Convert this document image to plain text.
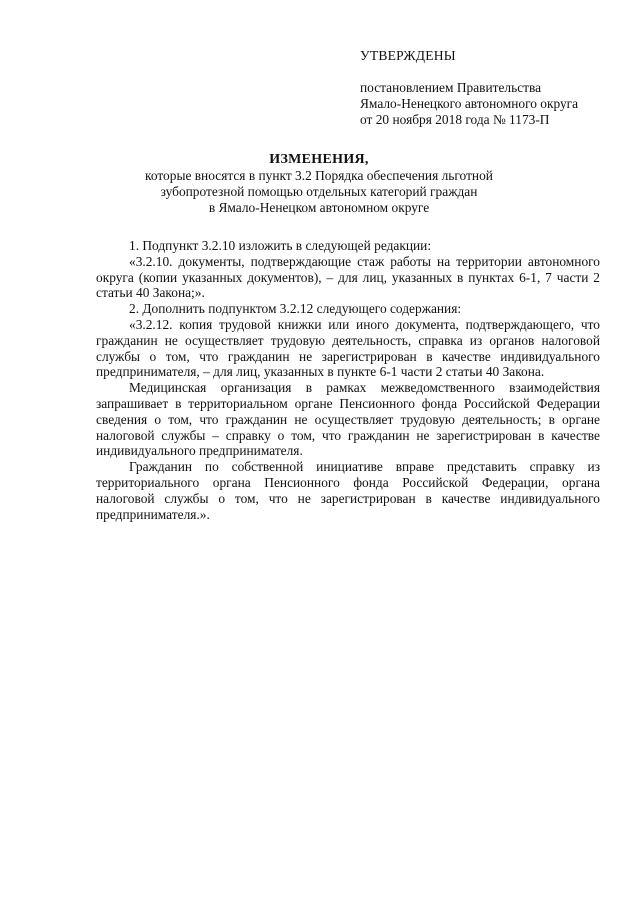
УТВЕРЖДЕНЫ
постановлением Правительства
Ямало-Ненецкого автономного округа
от 20 ноября 2018 года № 1173-П
ИЗМЕНЕНИЯ,
которые вносятся в пункт 3.2 Порядка обеспечения льготной
зубопротезной помощью отдельных категорий граждан
в Ямало-Ненецком автономном округе

1. Подпункт 3.2.10 изложить в следующей редакции:

«3.2.10. документы, подтверждающие стаж работы на территории автономного округа (копии указанных документов), – для лиц, указанных в пунктах 6-1, 7 части 2 статьи 40 Закона;».

2. Дополнить подпунктом 3.2.12 следующего содержания:

«3.2.12. копия трудовой книжки или иного документа, подтверждающего, что гражданин не осуществляет трудовую деятельность, справка из органов налоговой службы о том, что гражданин не зарегистрирован в качестве индивидуального предпринимателя, – для лиц, указанных в пункте 6-1 части 2 статьи 40 Закона.

Медицинская организация в рамках межведомственного взаимодействия запрашивает в территориальном органе Пенсионного фонда Российской Федерации сведения о том, что гражданин не осуществляет трудовую деятельность; в органе налоговой службы – справку о том, что гражданин не зарегистрирован в качестве индивидуального предпринимателя.

Гражданин по собственной инициативе вправе представить справку из территориального органа Пенсионного фонда Российской Федерации, органа налоговой службы о том, что не зарегистрирован в качестве индивидуального предпринимателя.».
